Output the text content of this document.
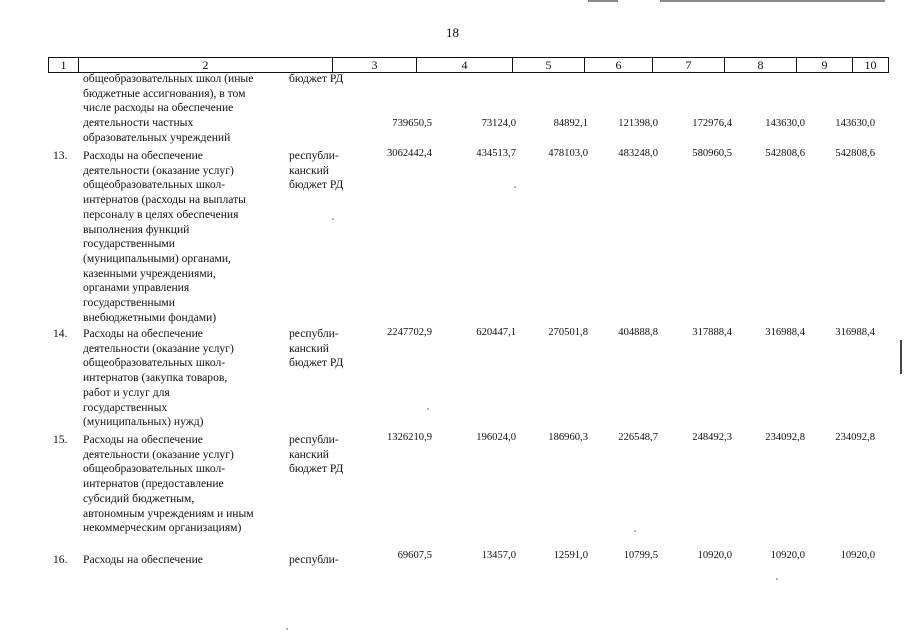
18
1	2	3	4	5	6	7	8	9	10
общеобразовательных школ (иные
бюджетные ассигнования), в том
числе расходы на обеспечение
деятельности частных
образовательных учреждений
бюджет РД
739650,5	73124,0	84892,1	121398,0	172976,4	143630,0	143630,0
13. Расходы на обеспечение
деятельности (оказание услуг)
общеобразовательных школ-
интернатов (расходы на выплаты
персоналу в целях обеспечения
выполнения функций
государственными
(муниципальными) органами,
казенными учреждениями,
органами управления
государственными
внебюджетными фондами)
республи-
канский
бюджет РД
3062442,4	434513,7	478103,0	483248,0	580960,5	542808,6	542808,6
14. Расходы на обеспечение
деятельности (оказание услуг)
общеобразовательных школ-
интернатов (закупка товаров,
работ и услуг для
государственных
(муниципальных) нужд)
республи-
канский
бюджет РД
2247702,9	620447,1	270501,8	404888,8	317888,4	316988,4	316988,4
15. Расходы на обеспечение
деятельности (оказание услуг)
общеобразовательных школ-
интернатов (предоставление
субсидий бюджетным,
автономным учреждениям и иным
некоммерческим организациям)
республи-
канский
бюджет РД
1326210,9	196024,0	186960,3	226548,7	248492,3	234092,8	234092,8
16. Расходы на обеспечение	республи-	69607,5	13457,0	12591,0	10799,5	10920,0	10920,0	10920,0
